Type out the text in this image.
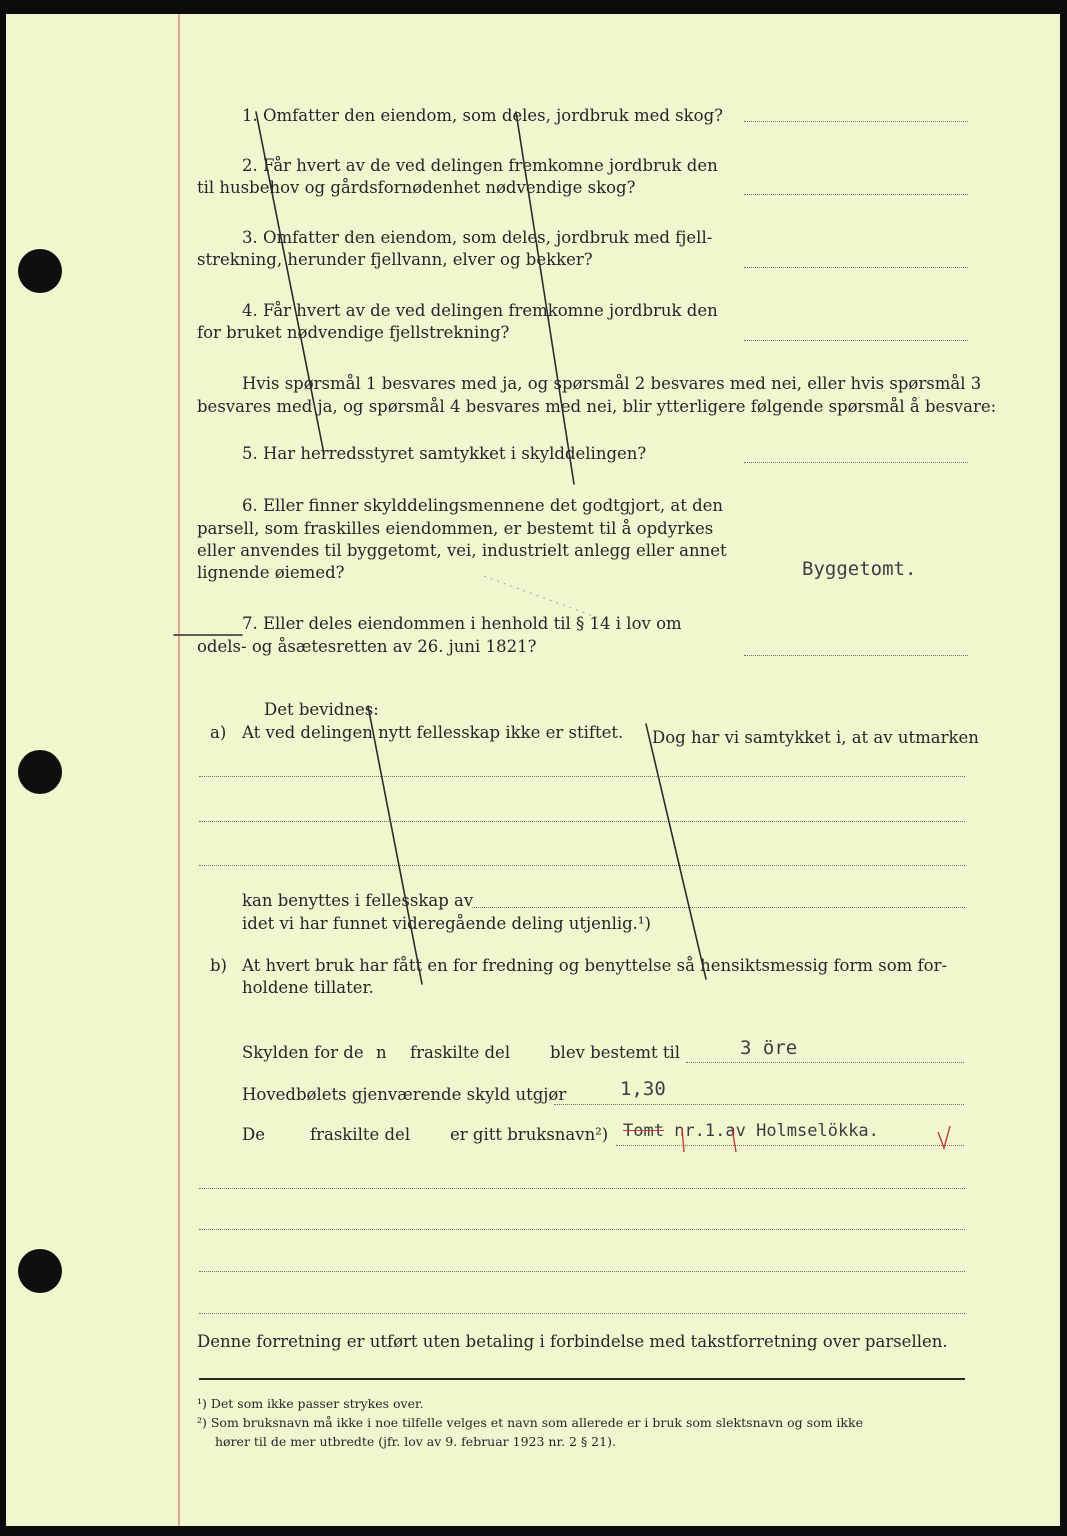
1. Omfatter den eiendom, som deles, jordbruk med skog?
2. Får hvert av de ved delingen fremkomne jordbruk den
til husbehov og gårdsfornødenhet nødvendige skog?
3. Omfatter den eiendom, som deles, jordbruk med fjell-
strekning, herunder fjellvann, elver og bekker?
4. Får hvert av de ved delingen fremkomne jordbruk den
for bruket nødvendige fjellstrekning?
Hvis spørsmål 1 besvares med ja, og spørsmål 2 besvares med nei, eller hvis spørsmål 3
besvares med ja, og spørsmål 4 besvares med nei, blir ytterligere følgende spørsmål å besvare:
5. Har herredsstyret samtykket i skylddelingen?
6. Eller finner skylddelingsmennene det godtgjort, at den
parsell, som fraskilles eiendommen, er bestemt til å opdyrkes
eller anvendes til byggetomt, vei, industrielt anlegg eller annet
lignende øiemed?	Byggetomt.
7. Eller deles eiendommen i henhold til § 14 i lov om
odels- og åsætesretten av 26. juni 1821?
Det bevidnes:
a) At ved delingen nytt fellesskap ikke er stiftet. Dog har vi samtykket i, at av utmarken
kan benyttes i fellesskap av
idet vi har funnet videregående deling utjenlig.¹)
b) At hvert bruk har fått en for fredning og benyttelse så hensiktsmessig form som for-
holdene tillater.
Skylden for de n fraskilte del blev bestemt til	3 öre
Hovedbølets gjenværende skyld utgjør	1,30
De	fraskilte del er gitt bruksnavn²) Tomt nr.1.av Holmselökka.
Denne forretning er utført uten betaling i forbindelse med takstforretning over parsellen.
¹) Det som ikke passer strykes over.
²) Som bruksnavn må ikke i noe tilfelle velges et navn som allerede er i bruk som slektsnavn og som ikke
hører til de mer utbredte (jfr. lov av 9. februar 1923 nr. 2 § 21).
